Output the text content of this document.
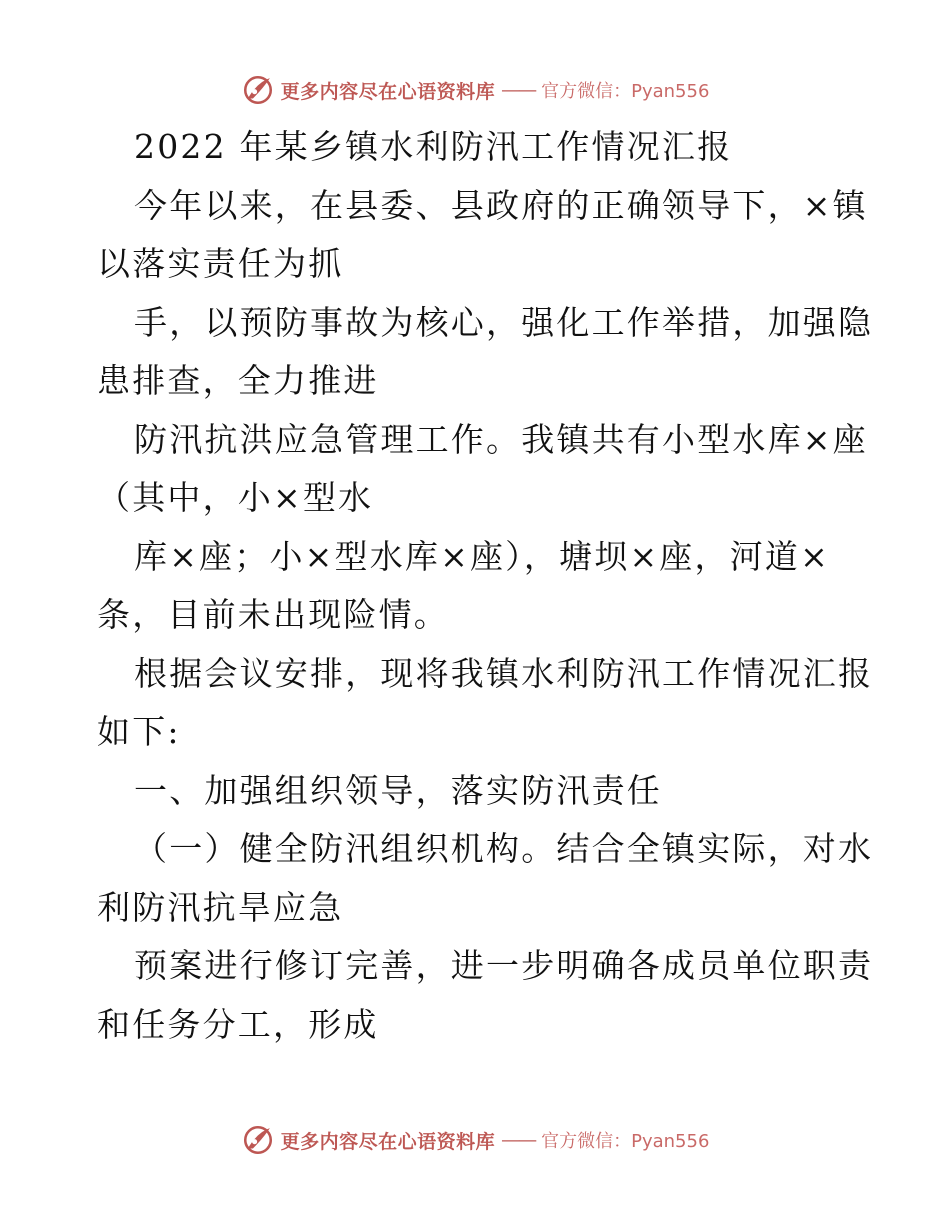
更多内容尽在心语资料库 —— 官方微信：Pyan556
2022 年某乡镇水利防汛工作情况汇报
今年以来，在县委、县政府的正确领导下，×镇
以落实责任为抓
手，以预防事故为核心，强化工作举措，加强隐
患排查，全力推进
防汛抗洪应急管理工作。我镇共有小型水库×座
（其中，小×型水
库×座；小×型水库×座），塘坝×座，河道×
条，目前未出现险情。
根据会议安排，现将我镇水利防汛工作情况汇报
如下:
一、加强组织领导，落实防汛责任
（一）健全防汛组织机构。结合全镇实际，对水
利防汛抗旱应急
预案进行修订完善，进一步明确各成员单位职责
和任务分工，形成
更多内容尽在心语资料库 —— 官方微信：Pyan556
